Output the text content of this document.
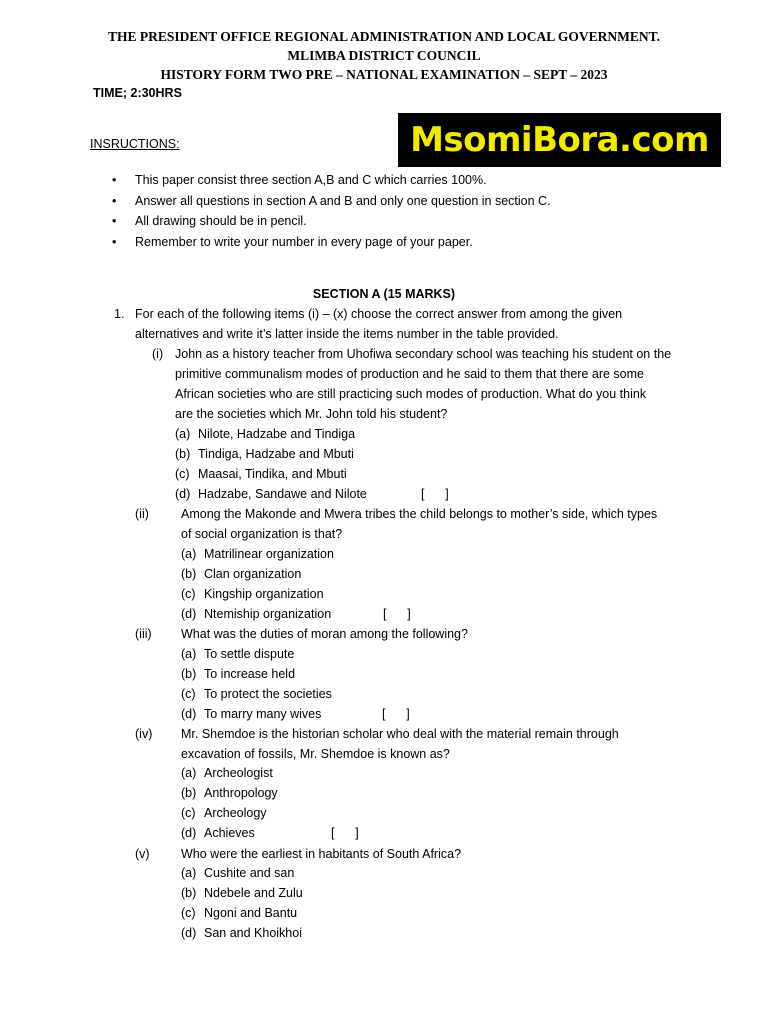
THE PRESIDENT OFFICE REGIONAL ADMINISTRATION AND LOCAL GOVERNMENT.
MLIMBA DISTRICT COUNCIL
HISTORY FORM TWO PRE – NATIONAL EXAMINATION – SEPT – 2023
TIME; 2:30HRS
INSRUCTIONS:	MsomiBora.com
• This paper consist three section A,B and C which carries 100%.
• Answer all questions in section A and B and only one question in section C.
• All drawing should be in pencil.
• Remember to write your number in every page of your paper.
SECTION A (15 MARKS)
1. For each of the following items (i) – (x) choose the correct answer from among the given
alternatives and write it’s latter inside the items number in the table provided.
(i) John as a history teacher from Uhofiwa secondary school was teaching his student on the
primitive communalism modes of production and he said to them that there are some
African societies who are still practicing such modes of production. What do you think
are the societies which Mr. John told his student?
(a) Nilote, Hadzabe and Tindiga
(b) Tindiga, Hadzabe and Mbuti
(c) Maasai, Tindika, and Mbuti
(d) Hadzabe, Sandawe and Nilote	[      ]
(ii)	Among the Makonde and Mwera tribes the child belongs to mother’s side, which types
of social organization is that?
(a) Matrilinear organization
(b) Clan organization
(c) Kingship organization
(d) Ntemiship organization	[      ]
(iii) What was the duties of moran among the following?
(a) To settle dispute
(b) To increase held
(c) To protect the societies
(d) To marry many wives	[      ]
(iv) Mr. Shemdoe is the historian scholar who deal with the material remain through
excavation of fossils, Mr. Shemdoe is known as?
(a) Archeologist
(b) Anthropology
(c) Archeology
(d) Achieves	[      ]
(v)	Who were the earliest in habitants of South Africa?
(a) Cushite and san
(b) Ndebele and Zulu
(c) Ngoni and Bantu
(d) San and Khoikhoi
